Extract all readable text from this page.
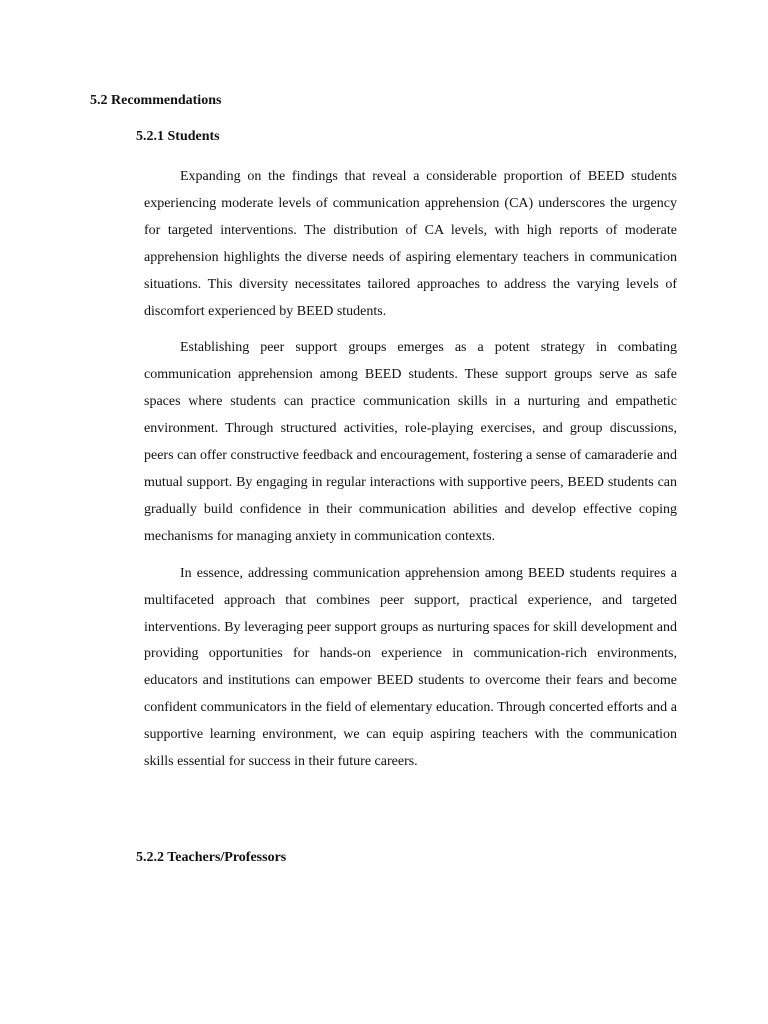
5.2 Recommendations
5.2.1 Students

Expanding on the findings that reveal a considerable proportion of BEED students experiencing moderate levels of communication apprehension (CA) underscores the urgency for targeted interventions. The distribution of CA levels, with high reports of moderate apprehension highlights the diverse needs of aspiring elementary teachers in communication situations. This diversity necessitates tailored approaches to address the varying levels of discomfort experienced by BEED students.

Establishing peer support groups emerges as a potent strategy in combating communication apprehension among BEED students. These support groups serve as safe spaces where students can practice communication skills in a nurturing and empathetic environment. Through structured activities, role-playing exercises, and group discussions, peers can offer constructive feedback and encouragement, fostering a sense of camaraderie and mutual support. By engaging in regular interactions with supportive peers, BEED students can gradually build confidence in their communication abilities and develop effective coping mechanisms for managing anxiety in communication contexts.

In essence, addressing communication apprehension among BEED students requires a multifaceted approach that combines peer support, practical experience, and targeted interventions. By leveraging peer support groups as nurturing spaces for skill development and providing opportunities for hands-on experience in communication-rich environments, educators and institutions can empower BEED students to overcome their fears and become confident communicators in the field of elementary education. Through concerted efforts and a supportive learning environment, we can equip aspiring teachers with the communication skills essential for success in their future careers.

5.2.2 Teachers/Professors
